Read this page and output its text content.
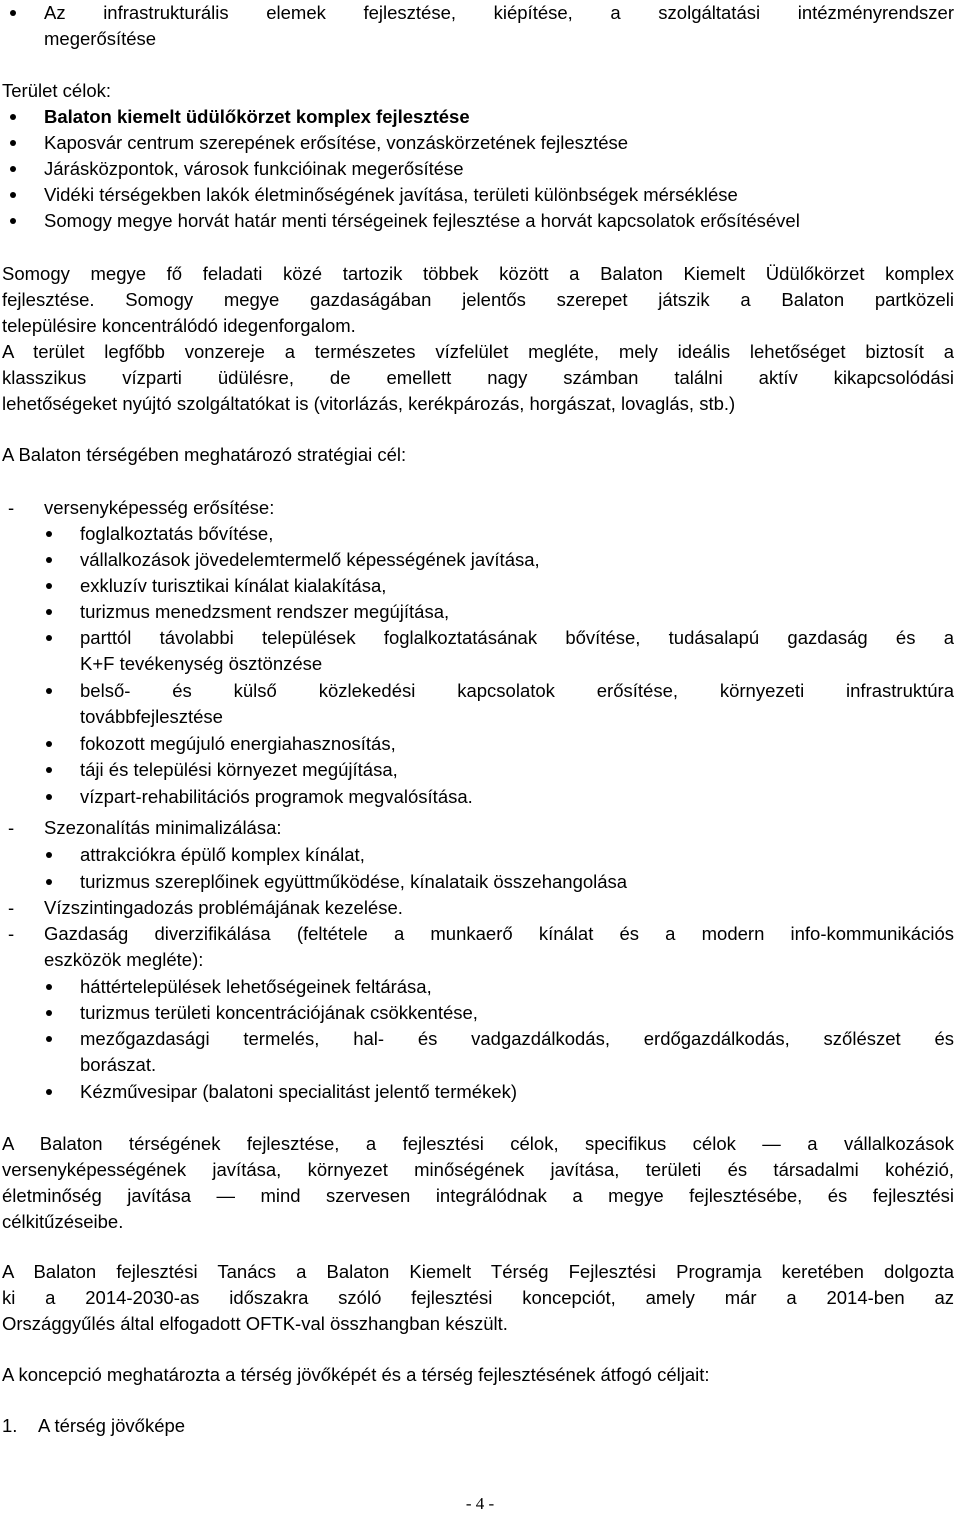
Az infrastrukturális elemek fejlesztése, kiépítése, a szolgáltatási intézményrendszer
megerősítése
Terület célok:
Balaton kiemelt üdülőkörzet komplex fejlesztése
Kaposvár centrum szerepének erősítése, vonzáskörzetének fejlesztése
Járásközpontok, városok funkcióinak megerősítése
Vidéki térségekben lakók életminőségének javítása, területi különbségek mérséklése
Somogy megye horvát határ menti térségeinek fejlesztése a horvát kapcsolatok erősítésével
Somogy megye fő feladati közé tartozik többek között a Balaton Kiemelt Üdülőkörzet komplex
fejlesztése. Somogy megye gazdaságában jelentős szerepet játszik a Balaton partközeli
településire koncentrálódó idegenforgalom.
A terület legfőbb vonzereje a természetes vízfelület megléte, mely ideális lehetőséget biztosít a
klasszikus vízparti üdülésre, de emellett nagy számban találni aktív kikapcsolódási
lehetőségeket nyújtó szolgáltatókat is (vitorlázás, kerékpározás, horgászat, lovaglás, stb.)
A Balaton térségében meghatározó stratégiai cél:
- versenyképesség erősítése:
foglalkoztatás bővítése,
vállalkozások jövedelemtermelő képességének javítása,
exkluzív turisztikai kínálat kialakítása,
turizmus menedzsment rendszer megújítása,
parttól távolabbi települések foglalkoztatásának bővítése, tudásalapú gazdaság és a
K+F tevékenység ösztönzése
belső- és külső közlekedési kapcsolatok erősítése, környezeti infrastruktúra
továbbfejlesztése
fokozott megújuló energiahasznosítás,
táji és települési környezet megújítása,
vízpart-rehabilitációs programok megvalósítása.
- Szezonalítás minimalizálása:
attrakciókra épülő komplex kínálat,
turizmus szereplőinek együttműködése, kínalataik összehangolása
- Vízszintingadozás problémájának kezelése.
- Gazdaság diverzifikálása (feltétele a munkaerő kínálat és a modern info-kommunikációs
eszközök megléte):
háttértelepülések lehetőségeinek feltárása,
turizmus területi koncentrációjának csökkentése,
mezőgazdasági termelés, hal- és vadgazdálkodás, erdőgazdálkodás, szőlészet és
borászat.
Kézművesipar (balatoni specialitást jelentő termékek)
A Balaton térségének fejlesztése, a fejlesztési célok, specifikus célok — a vállalkozások
versenyképességének javítása, környezet minőségének javítása, területi és társadalmi kohézió,
életminőség javítása — mind szervesen integrálódnak a megye fejlesztésébe, és fejlesztési
célkitűzéseibe.
A Balaton fejlesztési Tanács a Balaton Kiemelt Térség Fejlesztési Programja keretében dolgozta
ki a 2014-2030-as időszakra szóló fejlesztési koncepciót, amely már a 2014-ben az
Országgyűlés által elfogadott OFTK-val összhangban készült.
A koncepció meghatározta a térség jövőképét és a térség fejlesztésének átfogó céljait:
1. A térség jövőképe
- 4 -
